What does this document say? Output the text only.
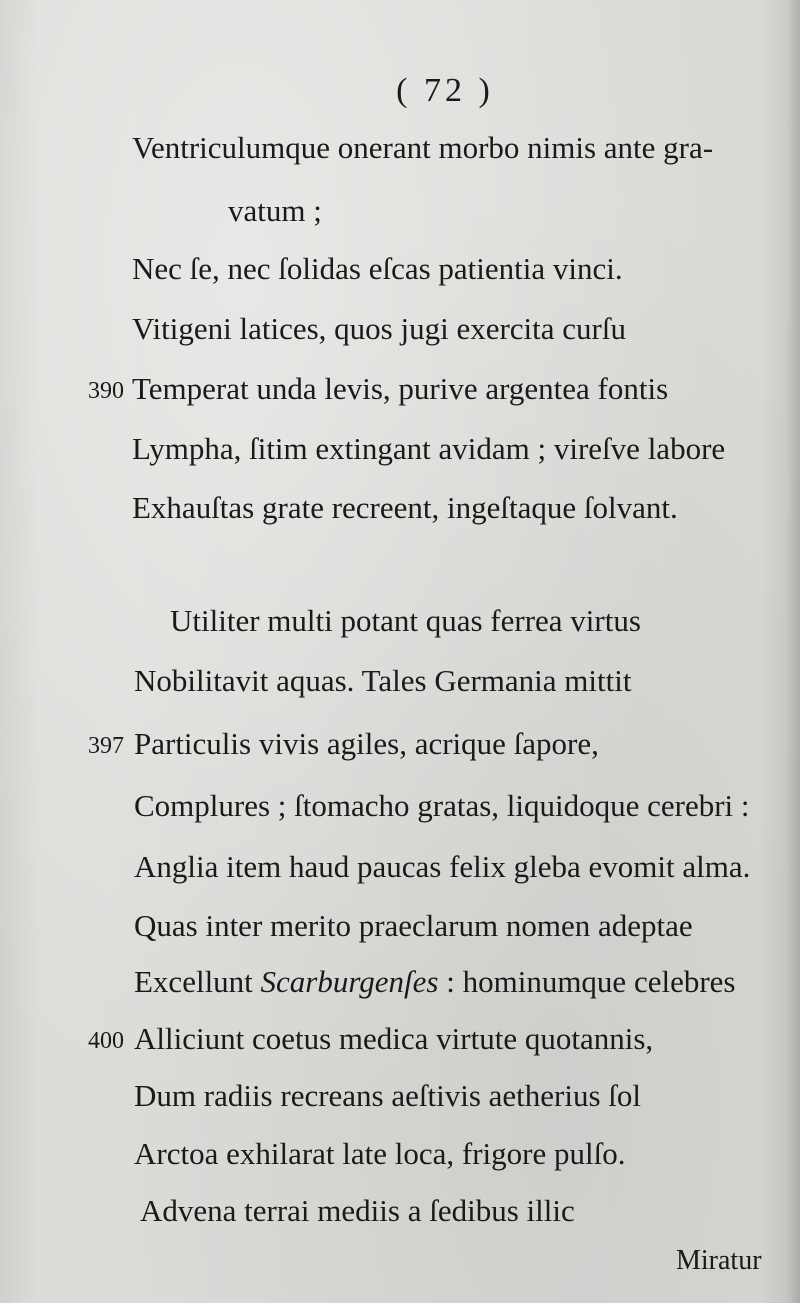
( 72 )
Ventriculumque onerant morbo nimis ante gra-
vatum ;
Nec ſe, nec ſolidas eſcas patientia vinci.
Vitigeni latices, quos jugi exercita curſu
390 Temperat unda levis, purive argentea fontis
Lympha, ſitim extingant avidam ; vireſve labore
Exhauſtas grate recreent, ingeſtaque ſolvant.
Utiliter multi potant quas ferrea virtus
Nobilitavit aquas. Tales Germania mittit
397 Particulis vivis agiles, acrique ſapore,
Complures ; ſtomacho gratas, liquidoque cerebri :
Anglia item haud paucas felix gleba evomit alma.
Quas inter merito praeclarum nomen adeptae
Excellunt Scarburgenſes : hominumque celebres
400 Alliciunt coetus medica virtute quotannis,
Dum radiis recreans aeſtivis aetherius ſol
Arctoa exhilarat late loca, frigore pulſo.
Advena terrai mediis a ſedibus illic
Miratur
